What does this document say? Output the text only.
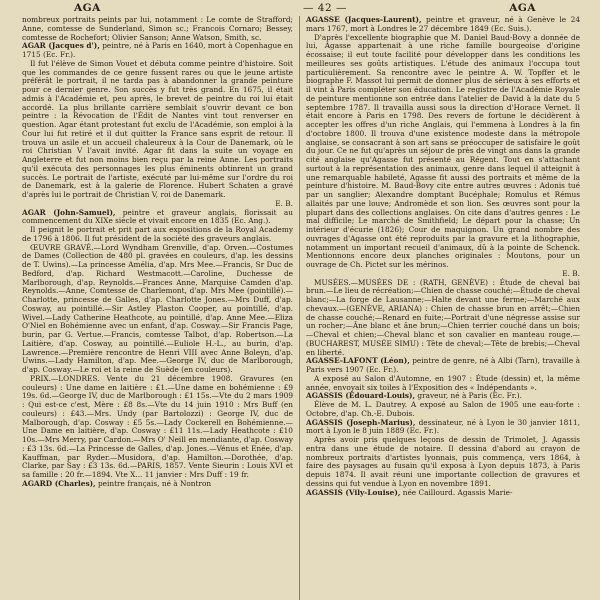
AGA	— 42 —	AGA

nombreux portraits peints par lui, notamment : Le comte de Strafford; Anne, comtesse de Sunderland, Simon sc.; Francois Cornaro; Bessey, comtesse de Rochefort; Olivier Sanson; Anne Watson, Smith, sc.

AGAR (Jacques d'), peintre, né à Paris en 1640, mort à Copenhague en 1715 (Ec. Fr.).

Il fut l'élève de Simon Vouet et débuta comme peintre d'histoire. Soit que les commandes de ce genre fussent rares ou que le jeune artiste préférât le portrait, il ne tarda pas à abandonner la grande peinture pour ce dernier genre. Son succès y fut très grand. En 1675, il était admis à l'Académie et, peu après, le brevet de peintre du roi lui était accordé. La plus brillante carrière semblait s'ouvrir devant ce bon peintre : la Révocation de l'Édit de Nantes vint tout renverser en question. Agar étant protestant fut exclu de l'Académie, son emploi à la Cour lui fut retiré et il dut quitter la France sans esprit de retour. Il trouva un asile et un accueil chaleureux à la Cour de Danemark, où le roi Christian V l'avait invité. Agar fit dans la suite un voyage en Angleterre et fut non moins bien reçu par la reine Anne. Les portraits qu'il exécuta des personnages les plus éminents obtinrent un grand succès. Le portrait de l'artiste, exécuté par lui-même sur l'ordre du roi de Danemark, est à la galerie de Florence. Hubert Schaten a gravé d'après lui le portrait de Christian V, roi de Danemark.

E. B.

AGAR (John-Samuel), peintre et graveur anglais, florissait au commencement du XIXe siècle et vivait encore en 1835 (Ec. Ang.).

Il peignit le portrait et prit part aux expositions de la Royal Academy de 1796 à 1806. Il fut président de la société des graveurs anglais.

ŒUVRE GRAVÉ.—Lord Wyndham Grenville, d'ap. Orven.—Costumes de Dames (Collection de 480 pl. gravées en couleurs, d'ap. les dessins de T. Uwins).—La princesse Amélia, d'ap. Mrs Mee.—Francis, Sr Duc de Bedford, d'ap. Richard Westmacott.—Caroline, Duchesse de Marlborough, d'ap. Reynolds.—Frances Anne, Marquise Camden d'ap. Reynolds.—Anne, Comtesse de Charlemont, d'ap. Mrs Mee (pointillé).—Charlotte, princesse de Galles, d'ap. Charlotte Jones.—Mrs Duff, d'ap. Cosway, au pointillé.—Sir Astley Plaston Cooper, au pointillé, d'ap. Wivel.—Lady Catherine Heathcote, au pointillé, d'ap. Anne Mee.—Eliza O'Niel en Bohémienne avec un enfant, d'ap. Cosway.—Sir Francis Page, burin, par G. Vertue.—Francis, comtesse Talbot, d'ap. Robertson.—La Laitière, d'ap. Cosway, au pointillé.—Euliole H.-L., au burin, d'ap. Lawrence.—Première rencontre de Henri VIII avec Anne Boleyn, d'ap. Uwins.—Lady Hamilton, d'ap. Mee.—George IV, duc de Marlborough, d'ap. Cosway.—Le roi et la reine de Suède (en couleurs).

PRIX.—LONDRES. Vente du 21 décembre 1908. Gravures (en couleurs) : Une dame en laitière : £1.—Une dame en bohémienne : £9 19s. 6d.—George IV, duc de Marlborough : £1 15s.—Vte du 2 mars 1909 : Qui est-ce c'est, Mère : £8 8s.—Vte du 14 juin 1910 : Mrs Buff (en couleurs) : £43.—Mrs. Undy (par Bartolozzi) : George IV, duc de Malborough, d'ap. Cosway : £5 5s.—Lady Cockerell en Bohémienne.—Une Dame en laitière, d'ap. Cosway : £11 11s.—Lady Heathcote : £10 10s.—Mrs Merry, par Cardon.—Mrs O' Neill en mendiante, d'ap. Cosway : £3 13s. 6d.—La Princesse de Galles, d'ap. Jones.—Vénus et Enée, d'ap. Kauffman, par Ryder.—Musidora, d'ap. Hamilton.—Dorothée, d'ap. Clarke, par Say : £3 13s. 6d.—PARIS, 1857. Vente Sieurin : Louis XVI et sa famille : 20 fr.—1894. Vte X... 11 janvier : Mrs Duff : 19 fr.

AGARD (Charles), peintre français, né à Nontron

AGASSE (Jacques-Laurent), peintre et graveur, né à Genève le 24 mars 1767, mort à Londres le 27 décembre 1849 (Ec. Suis.).

D'après l'excellente biographie que M. Daniel Baud-Bovy a donnée de lui, Agasse appartenait à une riche famille bourgeoise d'origine écossaise; il eut toute facilité pour développer dans les conditions les meilleures ses goûts artistiques. L'étude des animaux l'occupa tout particulièrement. Sa rencontre avec le peintre A. W. Topffer et le biographe F. Massot lui permit de donner plus de sérieux à ses efforts et il vint à Paris compléter son éducation. Le registre de l'Académie Royale de peinture mentionne son entrée dans l'atelier de David à la date du 5 septembre 1787. Il travailla aussi sous la direction d'Horace Vernet. Il était encore à Paris en 1798. Des revers de fortune le décidèrent à accepter les offres d'un riche Anglais, qui l'emmena à Londres à la fin d'octobre 1800. Il trouva d'une existence modeste dans la métropole anglaise, se consacrant à son art sans se préoccuper de satisfaire le goût du jour. Ce ne fut qu'après un séjour de près de vingt ans dans la grande cité anglaise qu'Agasse fut présenté au Régent. Tout en s'attachant surtout à la représentation des animaux, genre dans lequel il atteignit à une remarquable habileté, Agasse fit aussi des portraits et même de la peinture d'histoire. M. Baud-Bovy cite entre autres œuvres : Adonis tué par un sanglier; Alexandre domptant Bucéphale; Romulus et Rémus allaités par une louve; Andromède et son lion. Ses œuvres sont pour la plupart dans des collections anglaises. On cite dans d'autres genres : Le mal difficile; Le marché de Smithfield; Le départ pour la chasse; Un intérieur d'écurie (1826); Cour de maquignon. Un grand nombre des ouvrages d'Agasse ont été reproduits par la gravure et la lithographie, notamment un important recueil d'animaux, dû à la pointe de Schenck. Mentionnons encore deux planches originales : Moutons, pour un ouvrage de Ch. Pictet sur les mérinos.

E. B.

MUSÉES.—MUSÉES DE : (RATH, GENÈVE) : Étude de cheval bai brun.—Le lieu de récréation;—Chien de chasse couché;—Étude de cheval blanc;—La forge de Lausanne;—Halte devant une ferme;—Marché aux chevaux.—(GENÈVE, ARIANA) : Chien de chasse brun en arrêt;—Chien de chasse couché;—Renard en fuite;—Portrait d'une négresse assise sur un rocher;—Âne blanc et âne brun;—Chien terrier couché dans un bois;—Cheval et chien;—Cheval blanc et son cavalier en manteau rouge.—(BUCHAREST, MUSÉE SIMU) : Tête de cheval;—Tête de brebis;—Cheval en liberté.

AGASSE-LAFONT (Léon), peintre de genre, né à Albi (Tarn), travaille à Paris vers 1907 (Ec. Fr.).

A exposé au Salon d'Automne, en 1907 : Étude (dessin) et, la même année, envoyait six toiles à l'Exposition des « Indépendants ».

AGASSIS (Édouard-Louis), graveur, né à Paris (Ec. Fr.).

Élève de M. L. Dautrey. A exposé au Salon de 1905 une eau-forte : Octobre, d'ap. Ch.-E. Dubois.

AGASSIS (Joseph-Marius), dessinateur, né à Lyon le 30 janvier 1811, mort à Lyon le 8 juin 1889 (Ec. Fr.).

Après avoir pris quelques leçons de dessin de Trimolet, J. Agassis entra dans une étude de notaire. Il dessina d'abord au crayon de nombreux portraits d'artistes lyonnais, puis commença, vers 1864, à faire des paysages au fusain qu'il exposa à Lyon depuis 1873, à Paris depuis 1874. Il avait réuni une importante collection de gravures et dessins qui fut vendue à Lyon en novembre 1891.

AGASSIS (Vily-Louise), née Caillourd. Agassis Marie-
